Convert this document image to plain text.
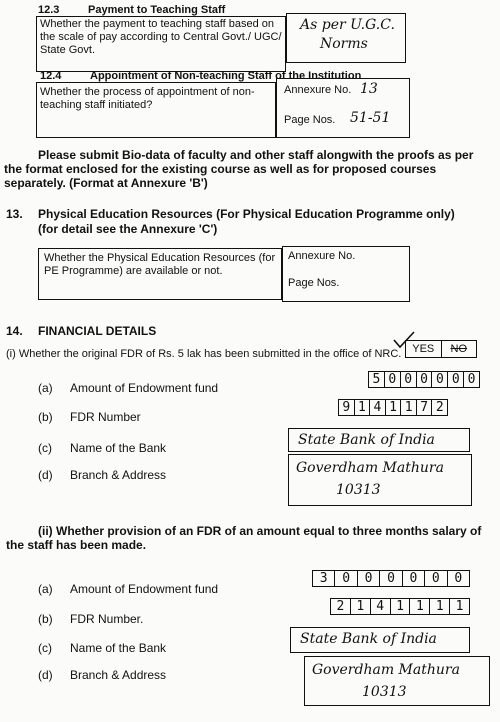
12.3	Payment to Teaching Staff
Whether the payment to teaching staff based on the scale of pay according to Central Govt./ UGC/ State Govt.
As per U.G.C.
Norms
12.4	Appointment of Non-teaching Staff of the Institution
Whether the process of appointment of non-teaching staff initiated?
Annexure No. 13
Page Nos. 51-51
Please submit Bio-data of faculty and other staff alongwith the proofs as per the format enclosed for the existing course as well as for proposed courses separately. (Format at Annexure 'B')
13. Physical Education Resources (For Physical Education Programme only)
(for detail see the Annexure 'C')
Whether the Physical Education Resources (for PE Programme) are available or not.
Annexure No.
Page Nos.
14. FINANCIAL DETAILS
(i) Whether the original FDR of Rs. 5 lak has been submitted in the office of NRC. YES	NO
(a) Amount of Endowment fund
5 0 0 0 0 0 0
(b) FDR Number
9 1 4 1 1 7 2
(c) Name of the Bank	State Bank of India
(d) Branch & Address	Goverdham Mathura
10313
(ii) Whether provision of an FDR of an amount equal to three months salary of the staff has been made.
(a) Amount of Endowment fund
3	0	0	0	0	0	0
(b) FDR Number.
2 1 4 1 1 1 1
(c) Name of the Bank
State Bank of India
(d) Branch & Address	Goverdham Mathura
10313
